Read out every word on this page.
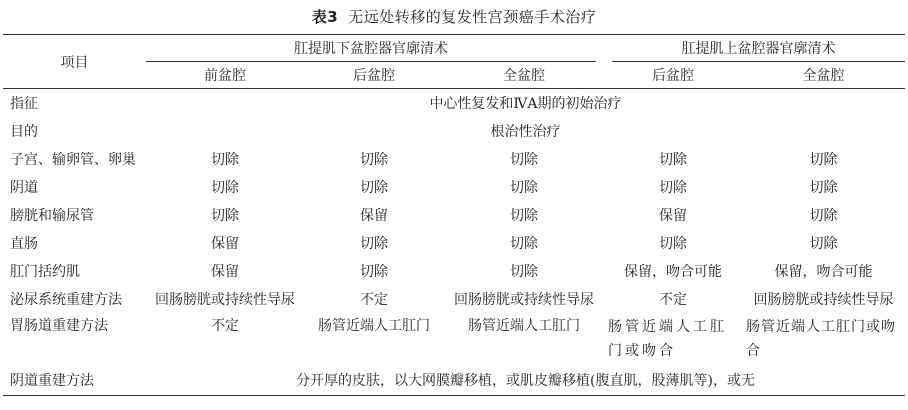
表3 无远处转移的复发性宫颈癌手术治疗

项目	肛提肌下盆腔器官廓清术			肛提肌上盆腔器官廓清术	
	前盆腔	后盆腔	全盆腔	后盆腔	全盆腔

指征	中心性复发和ⅣA期的初始治疗				
目的	根治性治疗				
子宫、输卵管、卵巢	切除	切除	切除	切除	切除
阴道	切除	切除	切除	切除	切除
膀胱和输尿管	切除	保留	切除	保留	切除
直肠	保留	切除	切除	切除	切除
肛门括约肌	保留	切除	切除	保留，吻合可能	保留，吻合可能
泌尿系统重建方法	回肠膀胱或持续性导尿	不定	回肠膀胱或持续性导尿	不定	回肠膀胱或持续性导尿
胃肠道重建方法	不定	肠管近端人工肛门	肠管近端人工肛门	肠管近端人工肛门或吻合	肠管近端人工肛门或吻合
阴道重建方法	分开厚的皮肤，以大网膜瓣移植，或肌皮瓣移植(腹直肌，股薄肌等)，或无				
